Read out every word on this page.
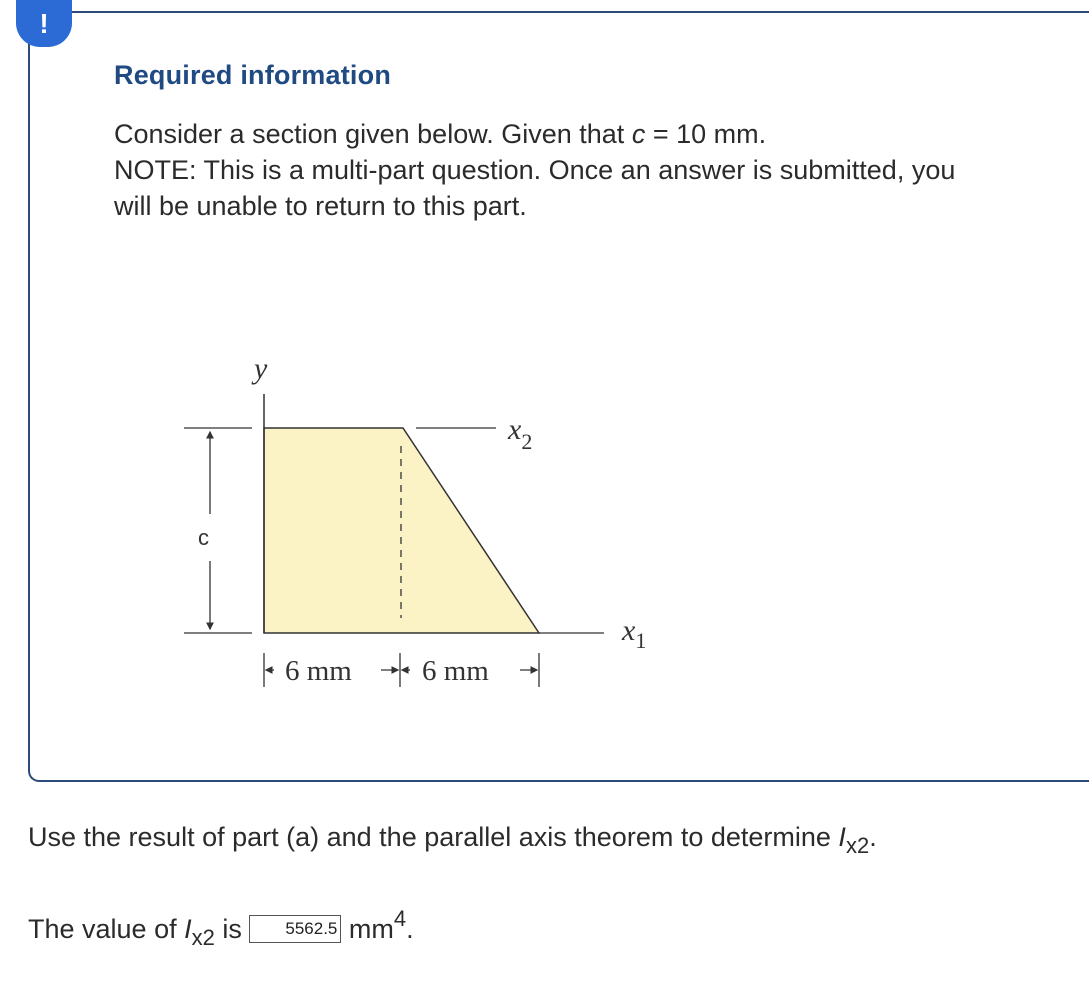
!
Required information

Consider a section given below. Given that c = 10 mm.

NOTE: This is a multi-part question. Once an answer is submitted, you

will be unable to return to this part.

y
$x_2$
$x_1$
c
6 mm 6 mm

Use the result of part (a) and the parallel axis theorem to determine $I_{x2}$.

The value of $I_{x2}$ is 5562.5 $mm^4$.
